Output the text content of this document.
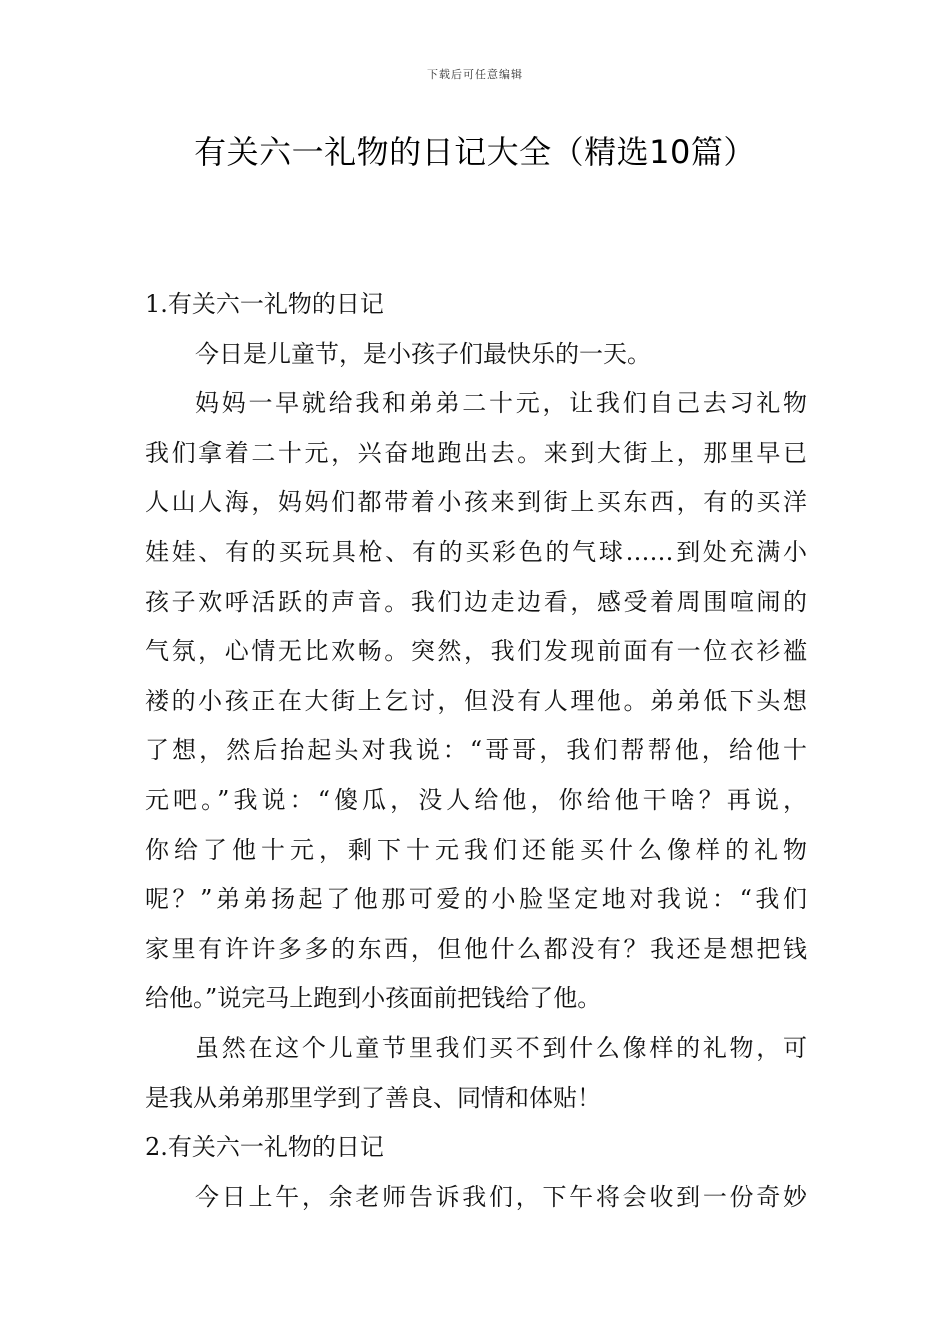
下载后可任意编辑
有关六一礼物的日记大全（精选10篇）
1.有关六一礼物的日记
今日是儿童节，是小孩子们最快乐的一天。
妈妈一早就给我和弟弟二十元，让我们自己去习礼物
我们拿着二十元，兴奋地跑出去。来到大街上，那里早已
人山人海，妈妈们都带着小孩来到街上买东西，有的买洋
娃娃、有的买玩具枪、有的买彩色的气球……到处充满小
孩子欢呼活跃的声音。我们边走边看，感受着周围喧闹的
气氛，心情无比欢畅。突然，我们发现前面有一位衣衫褴
褛的小孩正在大街上乞讨，但没有人理他。弟弟低下头想
了想，然后抬起头对我说：“哥哥，我们帮帮他，给他十
元吧。”我说：“傻瓜，没人给他，你给他干啥？再说，
你给了他十元，剩下十元我们还能买什么像样的礼物
呢？”弟弟扬起了他那可爱的小脸坚定地对我说：“我们
家里有许许多多的东西，但他什么都没有？我还是想把钱
给他。”说完马上跑到小孩面前把钱给了他。
虽然在这个儿童节里我们买不到什么像样的礼物，可
是我从弟弟那里学到了善良、同情和体贴！
2.有关六一礼物的日记
今日上午，余老师告诉我们，下午将会收到一份奇妙
